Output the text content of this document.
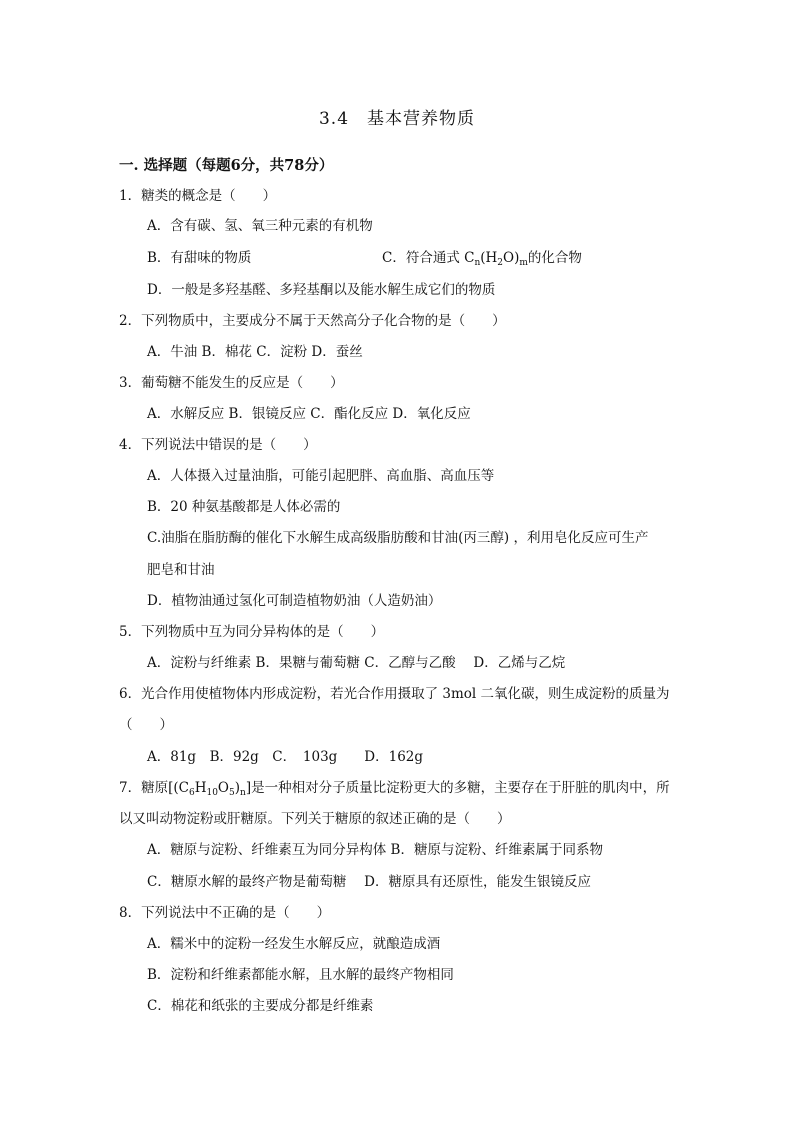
3.4　基本营养物质
一. 选择题（每题6分，共78分）
1．糖类的概念是（　　）
A．含有碳、氢、氧三种元素的有机物
B．有甜味的物质	C．符合通式 $C_n(H_2O)_m$的化合物
D．一般是多羟基醛、多羟基酮以及能水解生成它们的物质
2．下列物质中，主要成分不属于天然高分子化合物的是（　　）
A．牛油 B．棉花 C．淀粉 D．蚕丝
3．葡萄糖不能发生的反应是（　　）
A．水解反应 B．银镜反应 C．酯化反应 D．氧化反应
4．下列说法中错误的是（　　）
A．人体摄入过量油脂，可能引起肥胖、高血脂、高血压等
B．20 种氨基酸都是人体必需的
C.油脂在脂肪酶的催化下水解生成高级脂肪酸和甘油(丙三醇) ，利用皂化反应可生产
肥皂和甘油
D．植物油通过氢化可制造植物奶油（人造奶油）
5．下列物质中互为同分异构体的是（　　）
A．淀粉与纤维素 B．果糖与葡萄糖 C．乙醇与乙酸　 D．乙烯与乙烷
6．光合作用使植物体内形成淀粉，若光合作用摄取了 3mol 二氧化碳，则生成淀粉的质量为
（　　）
A．81g　B．92g　C．　103g　　D．162g
7．糖原$[(C_6H_{10}O_5)_n]$是一种相对分子质量比淀粉更大的多糖，主要存在于肝脏的肌肉中，所
以又叫动物淀粉或肝糖原。下列关于糖原的叙述正确的是（　　）
A．糖原与淀粉、纤维素互为同分异构体 B．糖原与淀粉、纤维素属于同系物
C．糖原水解的最终产物是葡萄糖　 D．糖原具有还原性，能发生银镜反应
8．下列说法中不正确的是（　　）
A．糯米中的淀粉一经发生水解反应，就酿造成酒
B．淀粉和纤维素都能水解，且水解的最终产物相同
C．棉花和纸张的主要成分都是纤维素
